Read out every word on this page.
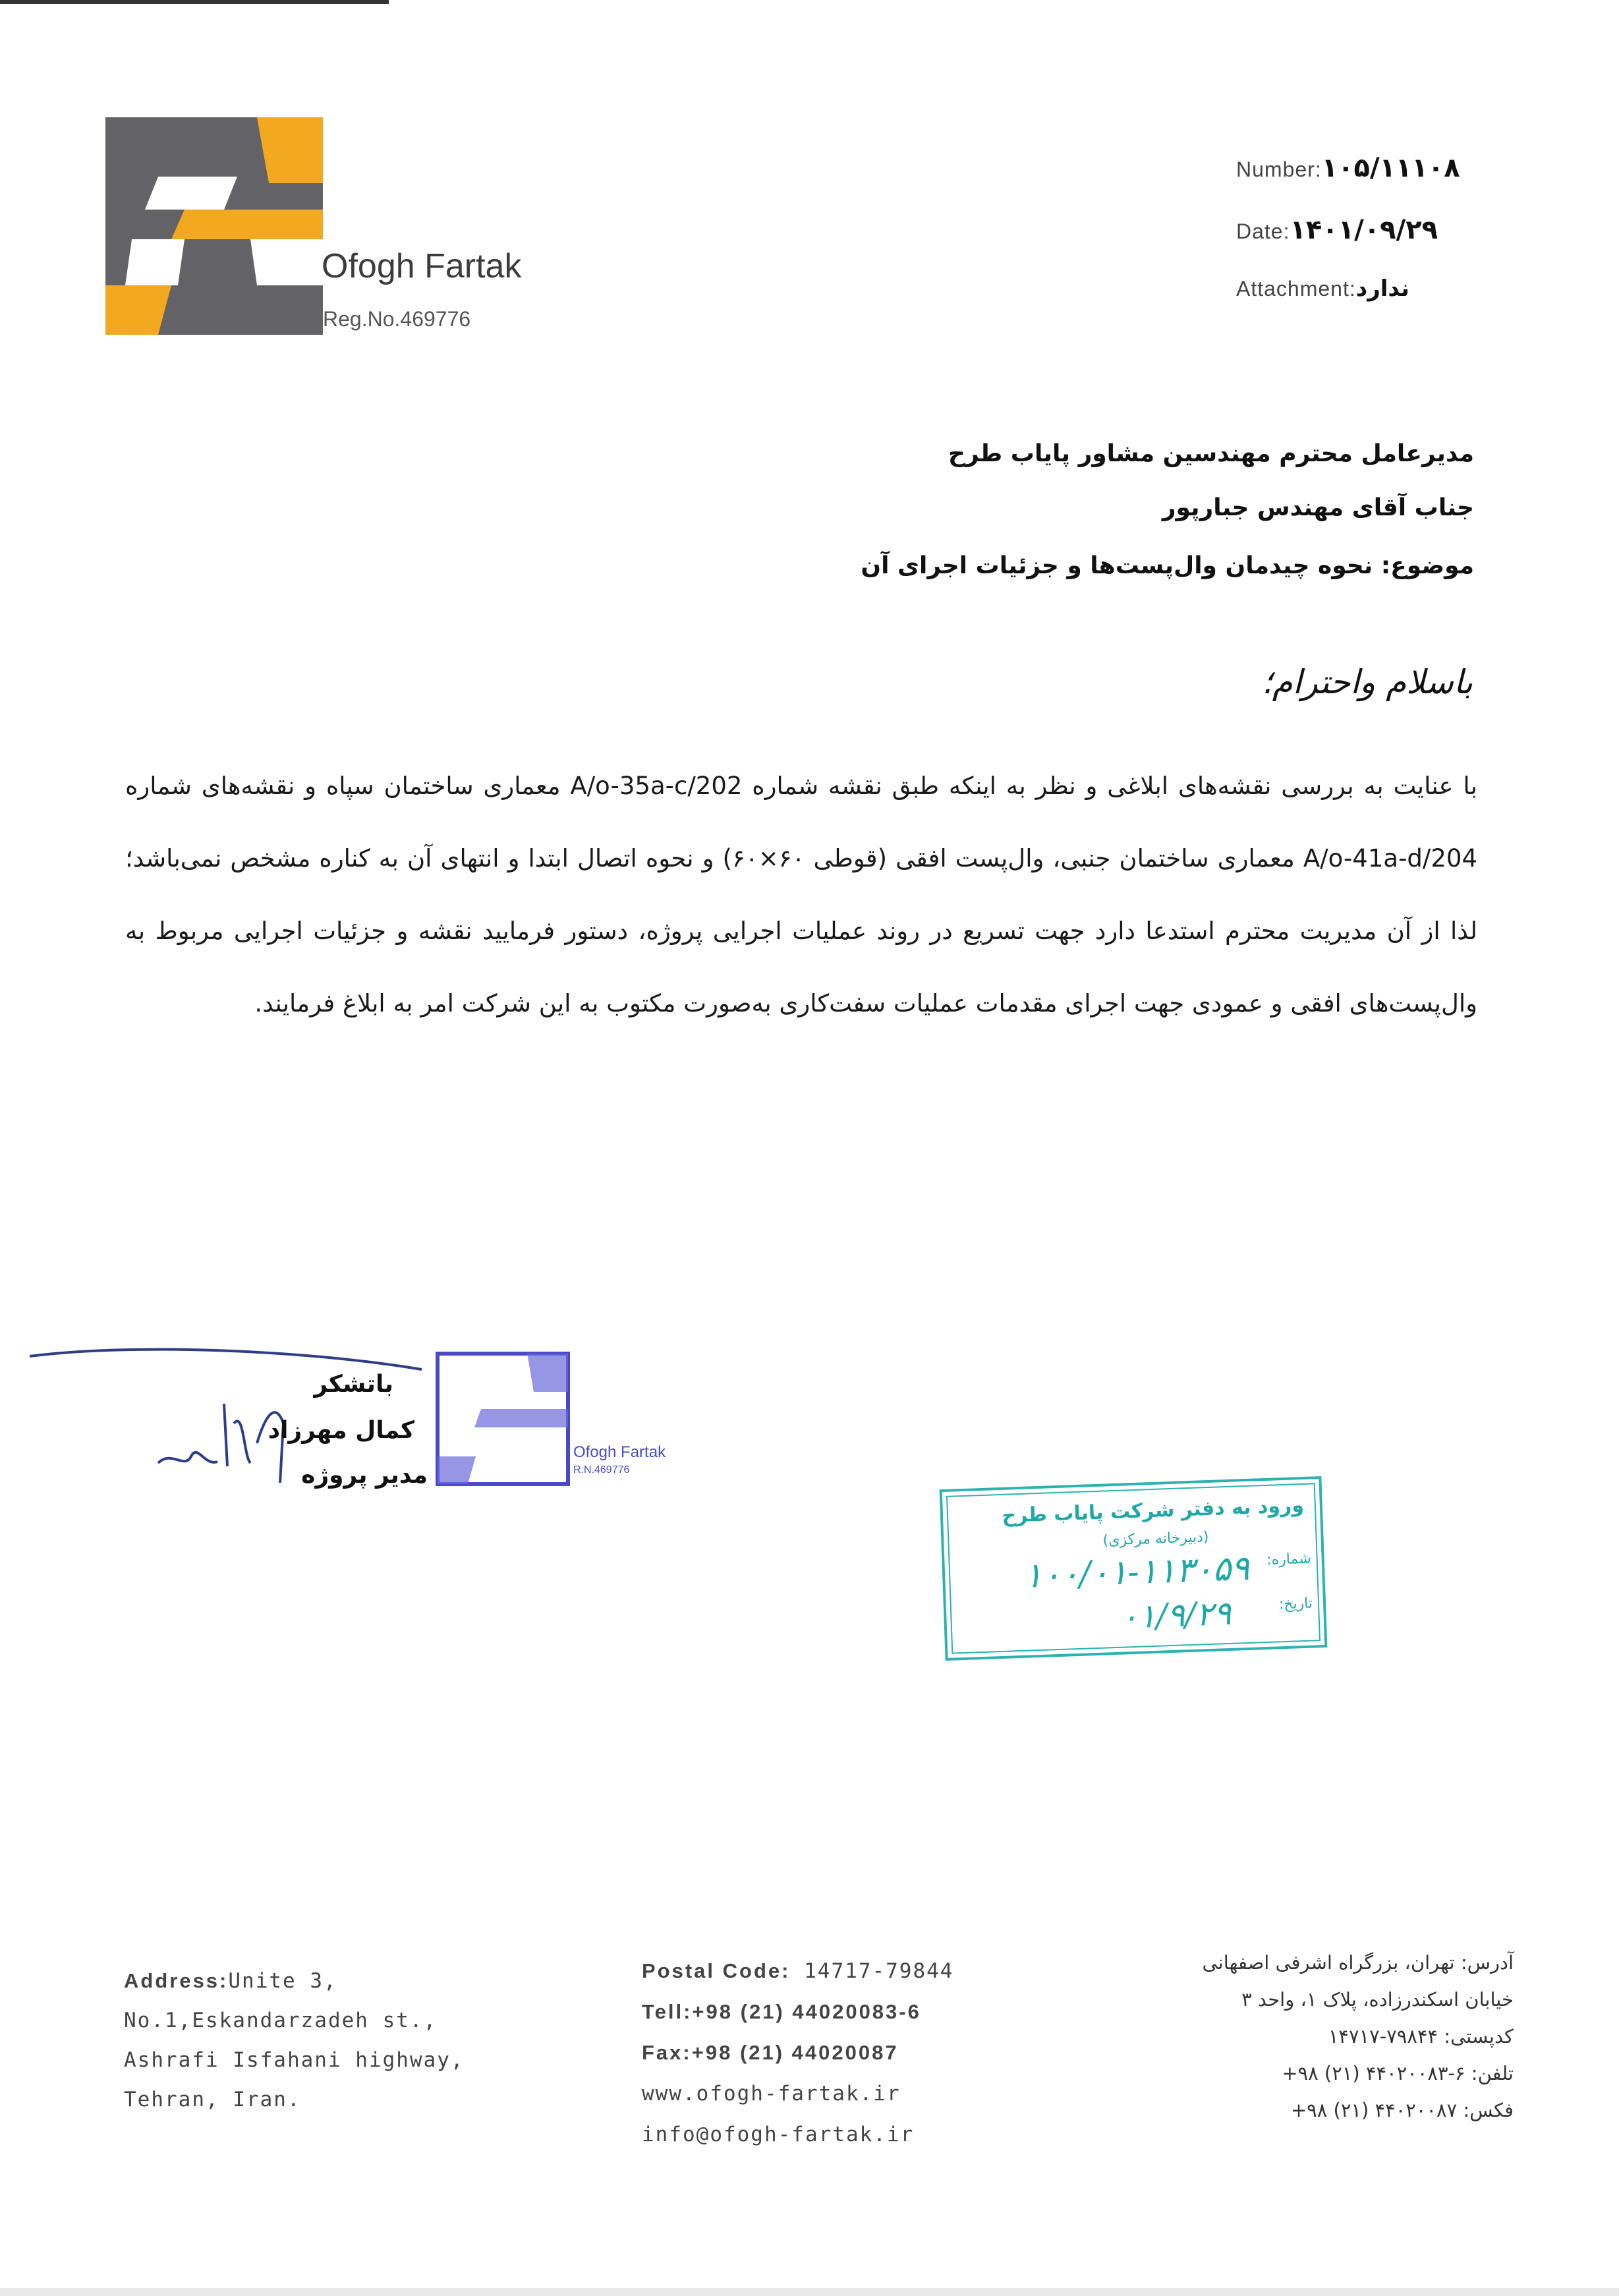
Ofogh Fartak
Reg.No.469776
Number:۱۰۵/۱۱۱۰۸
Date:۱۴۰۱/۰۹/۲۹
Attachment:ندارد
مدیرعامل محترم مهندسین مشاور پایاب طرح
جناب آقای مهندس جبارپور
موضوع: نحوه چیدمان وال‌پست‌ها و جزئیات اجرای آن
باسلام واحترام؛
با عنایت به بررسی نقشه‌های ابلاغی و نظر به اینکه طبق نقشه شماره 202/A/o-35a-c معماری ساختمان سپاه و نقشه‌های شماره 204/A/o-41a-d معماری ساختمان جنبی، وال‌پست افقی (قوطی ۶۰×۶۰) و نحوه اتصال ابتدا و انتهای آن به کناره مشخص نمی‌باشد؛ لذا از آن مدیریت محترم استدعا دارد جهت تسریع در روند عملیات اجرایی پروژه، دستور فرمایید نقشه و جزئیات اجرایی مربوط به وال‌پست‌های افقی و عمودی جهت اجرای مقدمات عملیات سفت‌کاری به‌صورت مکتوب به این شرکت امر به ابلاغ فرمایند.
باتشکر
کمال مهرزاد
مدیر پروژه
Ofogh Fartak
R.N.469776
ورود به دفتر شرکت پایاب طرح
(دبیرخانه مرکزی)
شماره:
تاریخ:
۱۰۰/۰۱-۱۱۳۰۵۹
۰۱/۹/۲۹
Address:Unite 3,
No.1,Eskandarzadeh st.,
Ashrafi Isfahani highway,
Tehran, Iran.
Postal Code: 14717-79844
Tell:+98 (21) 44020083-6
Fax:+98 (21) 44020087
www.ofogh-fartak.ir
info@ofogh-fartak.ir
آدرس: تهران، بزرگراه اشرفی اصفهانی
خیابان اسکندرزاده، پلاک ۱، واحد ۳
کدپستی: ۷۹۸۴۴-۱۴۷۱۷
تلفن: ۶-۴۴۰۲۰۰۸۳ (۲۱) ۹۸+
فکس: ۴۴۰۲۰۰۸۷ (۲۱) ۹۸+
